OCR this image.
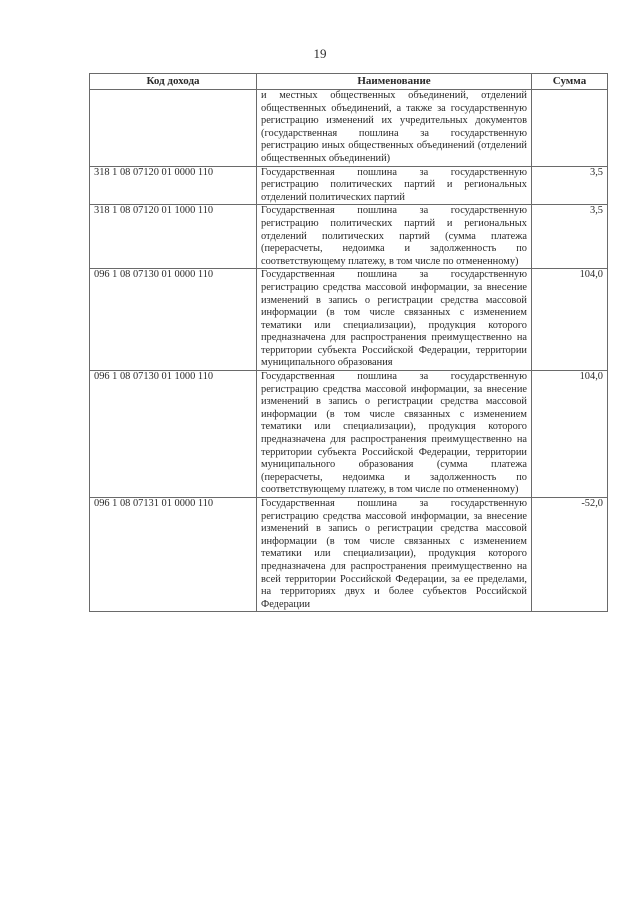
19
Код дохода	Наименование	Сумма
	и местных общественных объединений, отделений общественных объединений, а также за государственную регистрацию изменений их учредительных документов (государственная пошлина за государственную регистрацию иных общественных объединений (отделений общественных объединений)	
318 1 08 07120 01 0000 110	Государственная пошлина за государственную регистрацию политических партий и региональных отделений политических партий	3,5
318 1 08 07120 01 1000 110	Государственная пошлина за государственную регистрацию политических партий и региональных отделений политических партий (сумма платежа (перерасчеты, недоимка и задолженность по соответствующему платежу, в том числе по отмененному)	3,5
096 1 08 07130 01 0000 110	Государственная пошлина за государственную регистрацию средства массовой информации, за внесение изменений в запись о регистрации средства массовой информации (в том числе связанных с изменением тематики или специализации), продукция которого предназначена для распространения преимущественно на территории субъекта Российской Федерации, территории муниципального образования	104,0
096 1 08 07130 01 1000 110	Государственная пошлина за государственную регистрацию средства массовой информации, за внесение изменений в запись о регистрации средства массовой информации (в том числе связанных с изменением тематики или специализации), продукция которого предназначена для распространения преимущественно на территории субъекта Российской Федерации, территории муниципального образования (сумма платежа (перерасчеты, недоимка и задолженность по соответствующему платежу, в том числе по отмененному)	104,0
096 1 08 07131 01 0000 110	Государственная пошлина за государственную регистрацию средства массовой информации, за внесение изменений в запись о регистрации средства массовой информации (в том числе связанных с изменением тематики или специализации), продукция которого предназначена для распространения преимущественно на всей территории Российской Федерации, за ее пределами, на территориях двух и более субъектов Российской Федерации	-52,0
